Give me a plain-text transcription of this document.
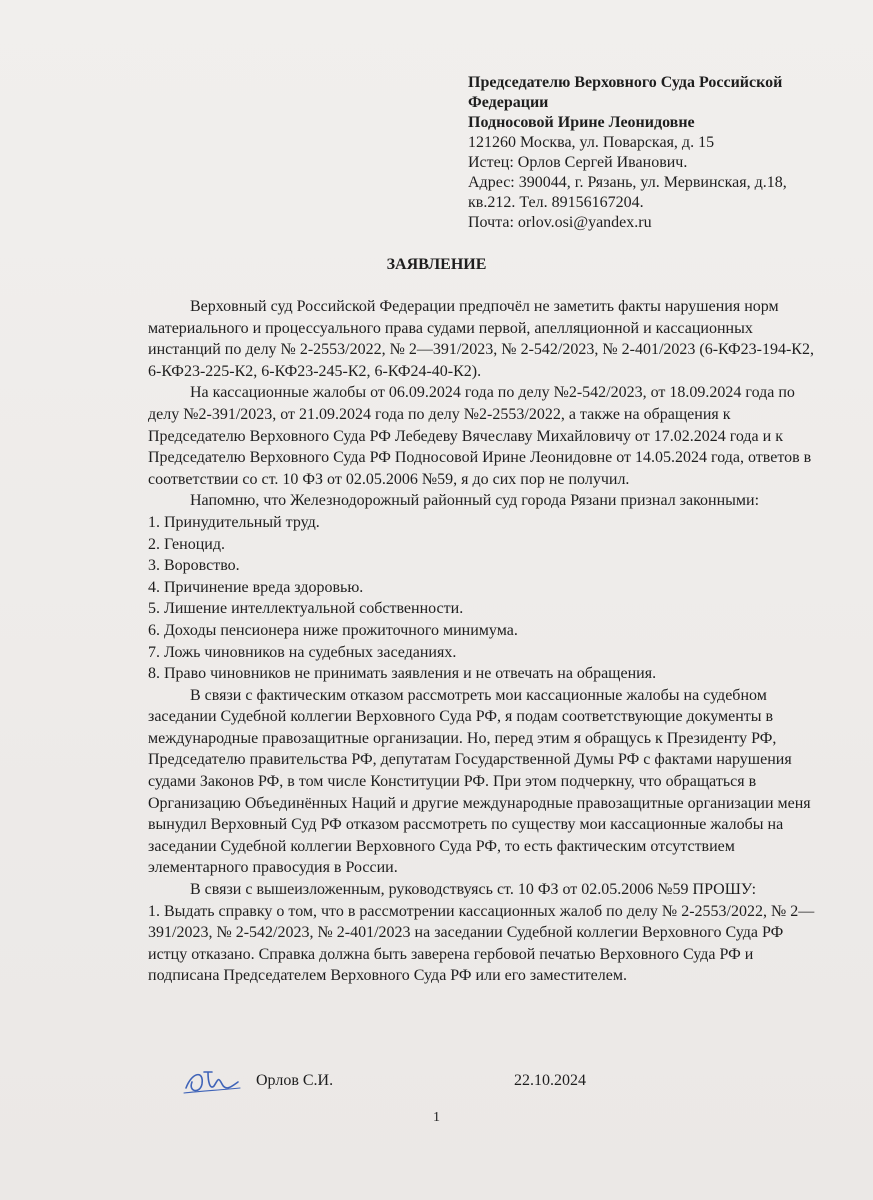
Председателю Верховного Суда Российской
Федерации
Подносовой Ирине Леонидовне
121260 Москва, ул. Поварская, д. 15
Истец: Орлов Сергей Иванович.
Адрес: 390044, г. Рязань, ул. Мервинская, д.18,
кв.212. Тел. 89156167204.
Почта: orlov.osi@yandex.ru
ЗАЯВЛЕНИЕ

Верховный суд Российской Федерации предпочёл не заметить факты нарушения норм материального и процессуального права судами первой, апелляционной и кассационных инстанций по делу № 2-2553/2022, № 2—391/2023, № 2-542/2023, № 2-401/2023 (6-КФ23-194-К2, 6-КФ23-225-К2, 6-КФ23-245-К2, 6-КФ24-40-К2).

На кассационные жалобы от 06.09.2024 года по делу №2-542/2023, от 18.09.2024 года по делу №2-391/2023, от 21.09.2024 года по делу №2-2553/2022, а также на обращения к Председателю Верховного Суда РФ Лебедеву Вячеславу Михайловичу от 17.02.2024 года и к Председателю Верховного Суда РФ Подносовой Ирине Леонидовне от 14.05.2024 года, ответов в соответствии со ст. 10 ФЗ от 02.05.2006 №59, я до сих пор не получил.

Напомню, что Железнодорожный районный суд города Рязани признал законными:

1. Принудительный труд.

2. Геноцид.

3. Воровство.

4. Причинение вреда здоровью.

5. Лишение интеллектуальной собственности.

6. Доходы пенсионера ниже прожиточного минимума.

7. Ложь чиновников на судебных заседаниях.

8. Право чиновников не принимать заявления и не отвечать на обращения.

В связи с фактическим отказом рассмотреть мои кассационные жалобы на судебном заседании Судебной коллегии Верховного Суда РФ, я подам соответствующие документы в международные правозащитные организации. Но, перед этим я обращусь к Президенту РФ, Председателю правительства РФ, депутатам Государственной Думы РФ с фактами нарушения судами Законов РФ, в том числе Конституции РФ. При этом подчеркну, что обращаться в Организацию Объединённых Наций и другие международные правозащитные организации меня вынудил Верховный Суд РФ отказом рассмотреть по существу мои кассационные жалобы на заседании Судебной коллегии Верховного Суда РФ, то есть фактическим отсутствием элементарного правосудия в России.

В связи с вышеизложенным, руководствуясь ст. 10 ФЗ от 02.05.2006 №59 ПРОШУ:

1. Выдать справку о том, что в рассмотрении кассационных жалоб по делу № 2-2553/2022, № 2—391/2023, № 2-542/2023, № 2-401/2023 на заседании Судебной коллегии Верховного Суда РФ истцу отказано. Справка должна быть заверена гербовой печатью Верховного Суда РФ и подписана Председателем Верховного Суда РФ или его заместителем.

Орлов С.И.	22.10.2024
1
